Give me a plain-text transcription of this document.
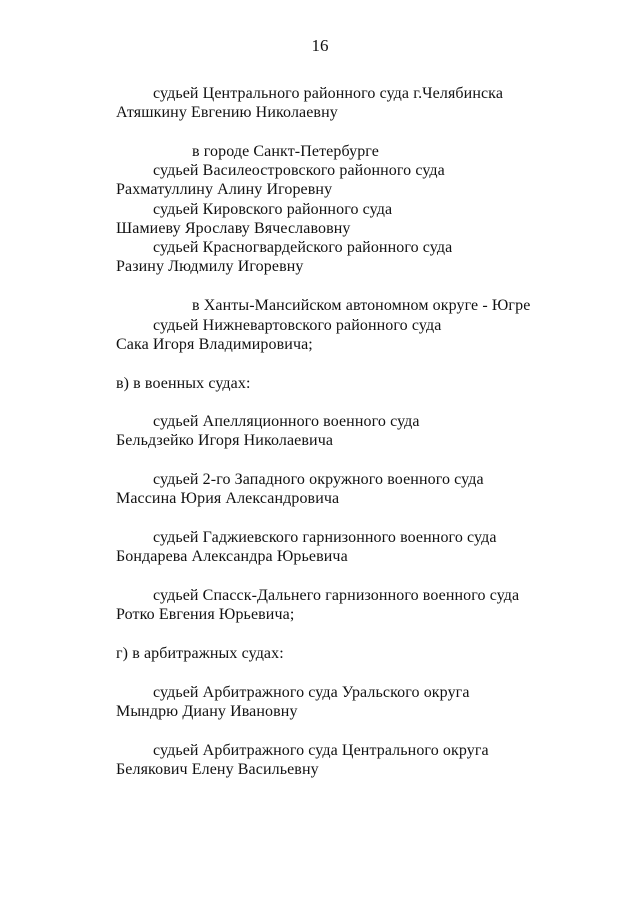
16
судьей Центрального районного суда г.Челябинска
Атяшкину Евгению Николаевну
в городе Санкт-Петербурге
судьей Василеостровского районного суда
Рахматуллину Алину Игоревну
судьей Кировского районного суда
Шамиеву Ярославу Вячеславовну
судьей Красногвардейского районного суда
Разину Людмилу Игоревну
в Ханты-Мансийском автономном округе - Югре
судьей Нижневартовского районного суда
Сака Игоря Владимировича;
в) в военных судах:
судьей Апелляционного военного суда
Бельдзейко Игоря Николаевича
судьей 2-го Западного окружного военного суда
Массина Юрия Александровича
судьей Гаджиевского гарнизонного военного суда
Бондарева Александра Юрьевича
судьей Спасск-Дальнего гарнизонного военного суда
Ротко Евгения Юрьевича;
г) в арбитражных судах:
судьей Арбитражного суда Уральского округа
Мындрю Диану Ивановну
судьей Арбитражного суда Центрального округа
Белякович Елену Васильевну
